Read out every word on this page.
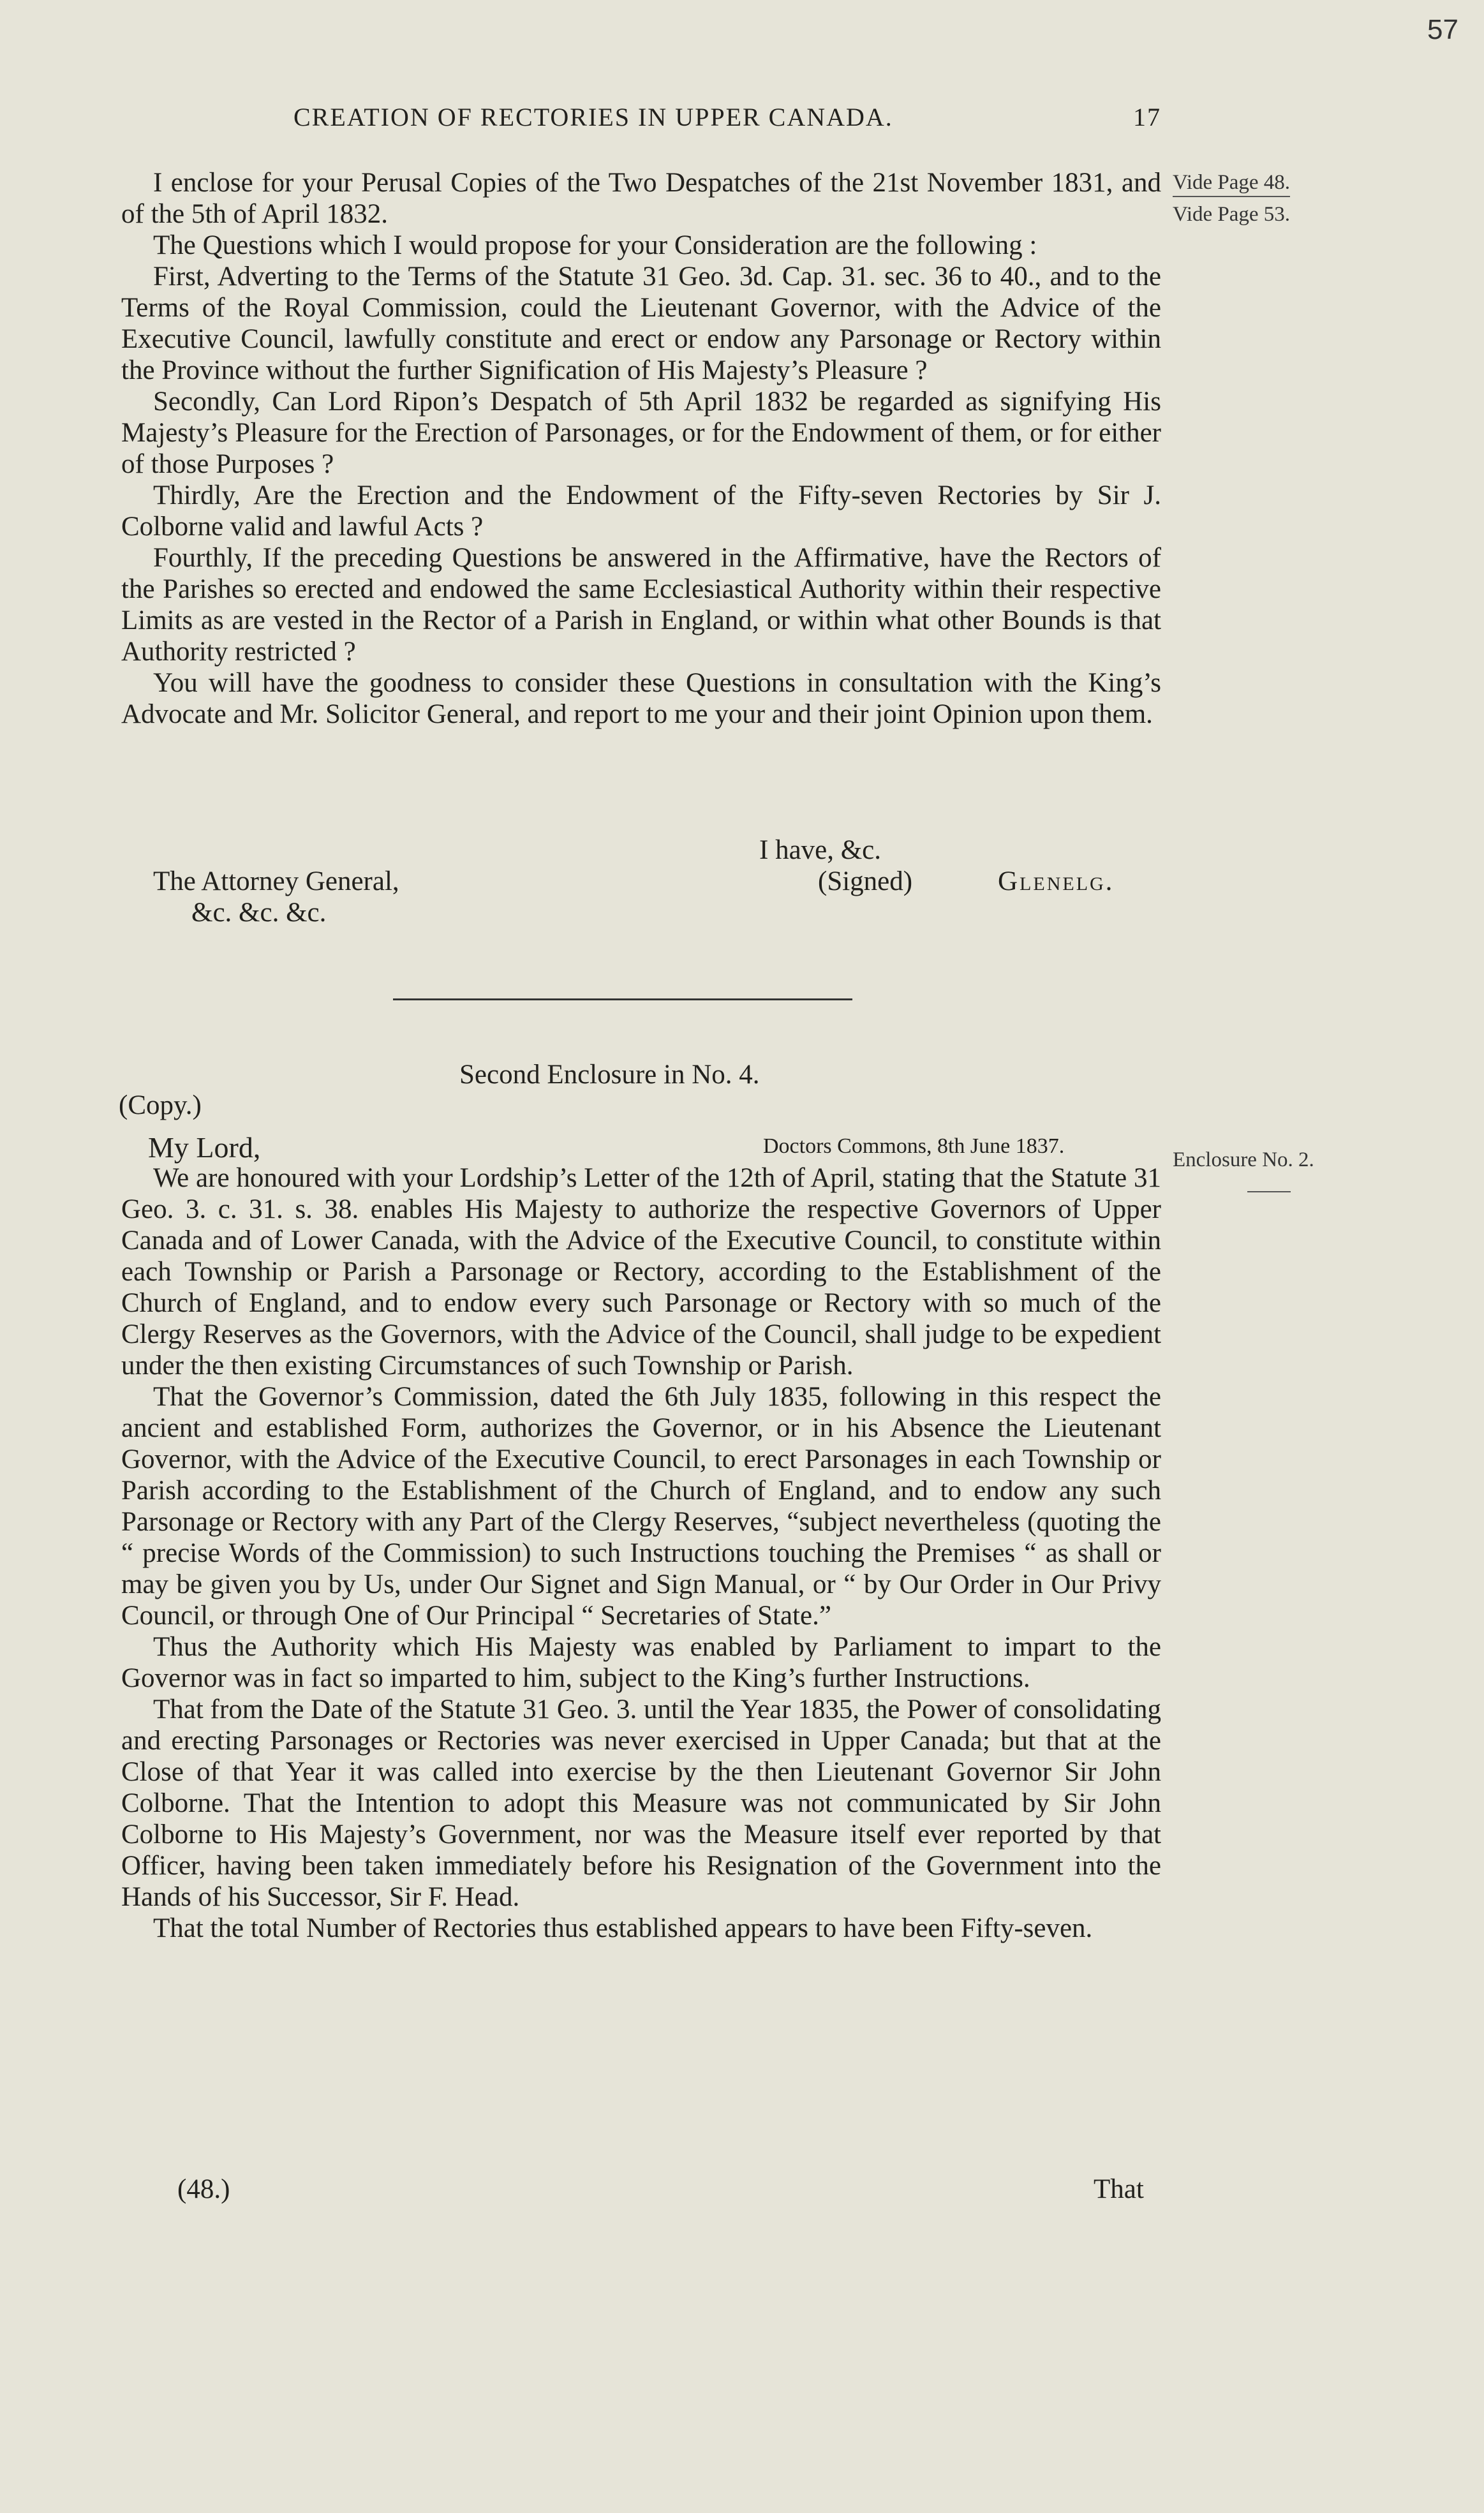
57
CREATION OF RECTORIES IN UPPER CANADA.	17

I enclose for your Perusal Copies of the Two Despatches of the 21st November 1831, and of the 5th of April 1832.

The Questions which I would propose for your Consideration are the following :

First, Adverting to the Terms of the Statute 31 Geo. 3d. Cap. 31. sec. 36 to 40., and to the Terms of the Royal Commission, could the Lieutenant Governor, with the Advice of the Executive Council, lawfully constitute and erect or endow any Parsonage or Rectory within the Province without the further Signification of His Majesty’s Pleasure ?

Secondly, Can Lord Ripon’s Despatch of 5th April 1832 be regarded as signifying His Majesty’s Pleasure for the Erection of Parsonages, or for the Endowment of them, or for either of those Purposes ?

Thirdly, Are the Erection and the Endowment of the Fifty-seven Rectories by Sir J. Colborne valid and lawful Acts ?

Fourthly, If the preceding Questions be answered in the Affirmative, have the Rectors of the Parishes so erected and endowed the same Ecclesiastical Authority within their respective Limits as are vested in the Rector of a Parish in England, or within what other Bounds is that Authority restricted ?

You will have the goodness to consider these Questions in consultation with the King’s Advocate and Mr. Solicitor General, and report to me your and their joint Opinion upon them.

Vide Page 48.
Vide Page 53.
I have, &c.
The Attorney General,	(Signed)	Glenelg.
&c. &c. &c.
Second Enclosure in No. 4.
(Copy.)
My Lord,	Doctors Commons, 8th June 1837.
Enclosure No. 2.

We are honoured with your Lordship’s Letter of the 12th of April, stating that the Statute 31 Geo. 3. c. 31. s. 38. enables His Majesty to authorize the respective Governors of Upper Canada and of Lower Canada, with the Advice of the Executive Council, to constitute within each Township or Parish a Parsonage or Rectory, according to the Establishment of the Church of England, and to endow every such Parsonage or Rectory with so much of the Clergy Reserves as the Governors, with the Advice of the Council, shall judge to be expedient under the then existing Circumstances of such Township or Parish.

That the Governor’s Commission, dated the 6th July 1835, following in this respect the ancient and established Form, authorizes the Governor, or in his Absence the Lieutenant Governor, with the Advice of the Executive Council, to erect Parsonages in each Township or Parish according to the Establishment of the Church of England, and to endow any such Parsonage or Rectory with any Part of the Clergy Reserves, “subject nevertheless (quoting the “ precise Words of the Commission) to such Instructions touching the Premises “ as shall or may be given you by Us, under Our Signet and Sign Manual, or “ by Our Order in Our Privy Council, or through One of Our Principal “ Secretaries of State.”

Thus the Authority which His Majesty was enabled by Parliament to impart to the Governor was in fact so imparted to him, subject to the King’s further Instructions.

That from the Date of the Statute 31 Geo. 3. until the Year 1835, the Power of consolidating and erecting Parsonages or Rectories was never exercised in Upper Canada; but that at the Close of that Year it was called into exercise by the then Lieutenant Governor Sir John Colborne. That the Intention to adopt this Measure was not communicated by Sir John Colborne to His Majesty’s Government, nor was the Measure itself ever reported by that Officer, having been taken immediately before his Resignation of the Government into the Hands of his Successor, Sir F. Head.

That the total Number of Rectories thus established appears to have been Fifty-seven.

(48.)	That
